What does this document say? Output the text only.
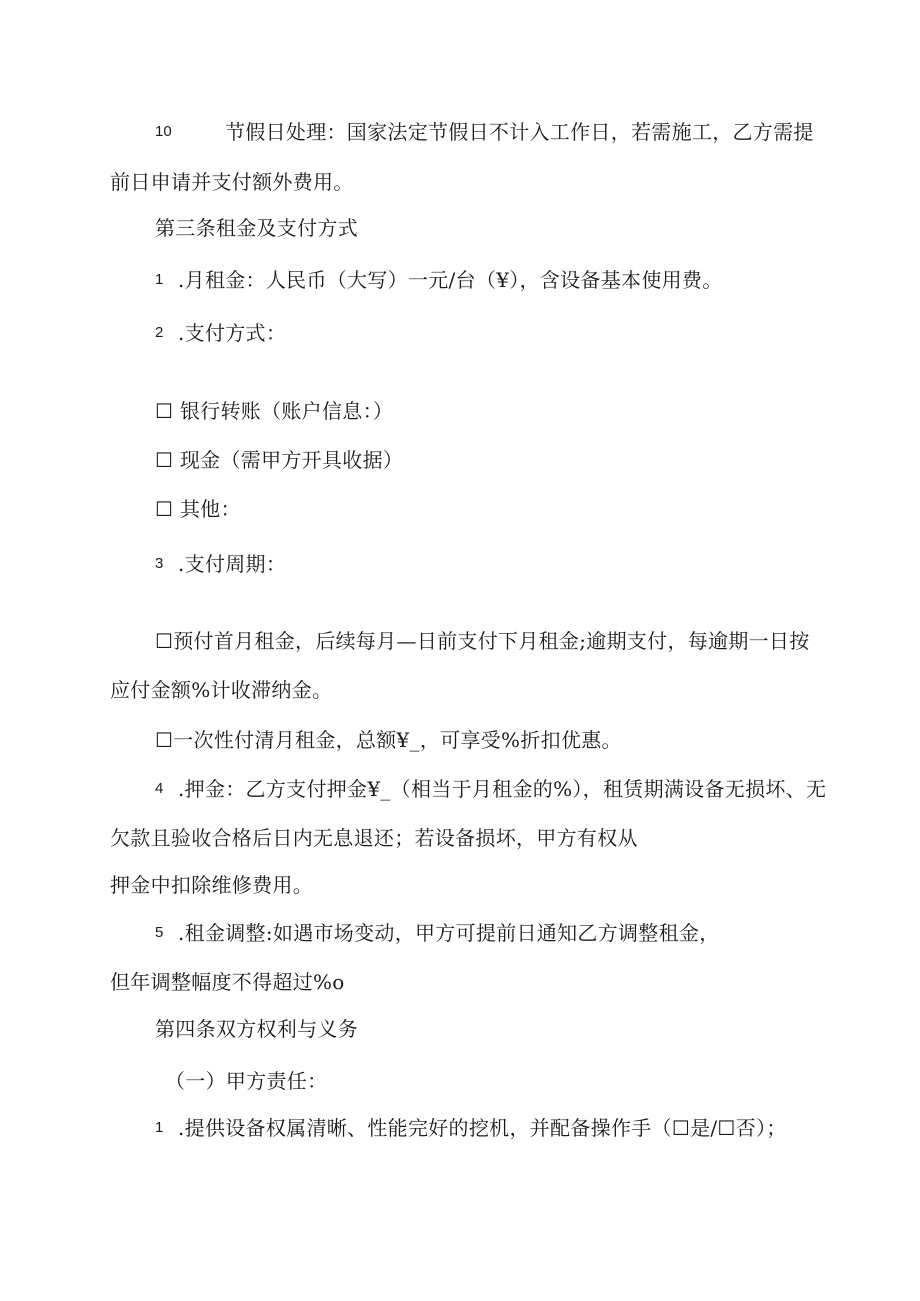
10	节假日处理：国家法定节假日不计入工作日，若需施工，乙方需提
前日申请并支付额外费用。
第三条租金及支付方式
1 .月租金：人民币（大写）一元/台（¥），含设备基本使用费。
2 .支付方式：
☐ 银行转账（账户信息：）
☐ 现金（需甲方开具收据）
☐ 其他：
3 .支付周期：
☐预付首月租金，后续每月—日前支付下月租金;逾期支付，每逾期一日按
应付金额%计收滞纳金。
☐一次性付清月租金，总额¥_，可享受%折扣优惠。
4 .押金：乙方支付押金¥_（相当于月租金的%），租赁期满设备无损坏、无
欠款且验收合格后日内无息退还；若设备损坏，甲方有权从
押金中扣除维修费用。
5 .租金调整:如遇市场变动，甲方可提前日通知乙方调整租金，
但年调整幅度不得超过%o
第四条双方权利与义务
（一）甲方责任：
1 .提供设备权属清晰、性能完好的挖机，并配备操作手（☐是/☐否）；
